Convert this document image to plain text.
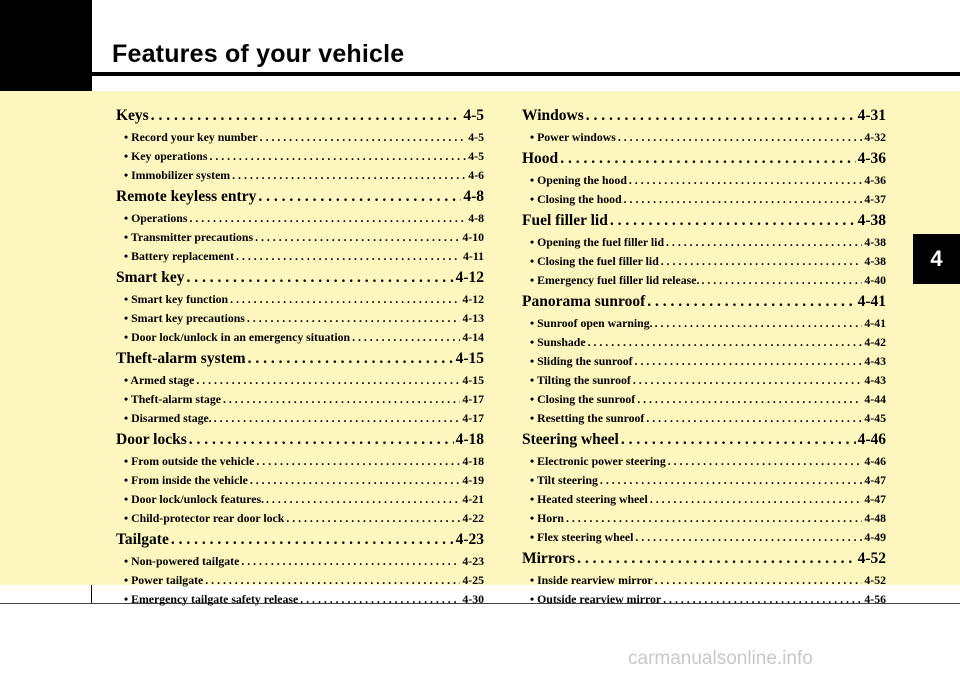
Features of your vehicle
4
Keys . . .	4-5
• Record your key number . . .	4-5
• Key operations . . .	4-5
• Immobilizer system . . .	4-6
Remote keyless entry . . .	4-8
• Operations . . .	4-8
• Transmitter precautions . . .	4-10
• Battery replacement . . .	4-11
Smart key . . .	4-12
• Smart key function . . .	4-12
• Smart key precautions . . .	4-13
• Door lock/unlock in an emergency situation . . .	4-14
Theft-alarm system . . .	4-15
• Armed stage . . .	4-15
• Theft-alarm stage . . .	4-17
• Disarmed stage. . . .	4-17
Door locks . . .	4-18
• From outside the vehicle . . .	4-18
• From inside the vehicle . . .	4-19
• Door lock/unlock features. . . .	4-21
• Child-protector rear door lock . . .	4-22
Tailgate . . .	4-23
• Non-powered tailgate . . .	4-23
• Power tailgate . . .	4-25
• Emergency tailgate safety release . . .	4-30
Windows . . .	4-31
• Power windows . . .	4-32
Hood . . .	4-36
• Opening the hood . . .	4-36
• Closing the hood . . .	4-37
Fuel filler lid . . .	4-38
• Opening the fuel filler lid . . .	4-38
• Closing the fuel filler lid . . .	4-38
• Emergency fuel filler lid release. . . .	4-40
Panorama sunroof . . .	4-41
• Sunroof open warning. . . .	4-41
• Sunshade . . .	4-42
• Sliding the sunroof . . .	4-43
• Tilting the sunroof . . .	4-43
• Closing the sunroof . . .	4-44
• Resetting the sunroof . . .	4-45
Steering wheel . . .	4-46
• Electronic power steering . . .	4-46
• Tilt steering . . .	4-47
• Heated steering wheel . . .	4-47
• Horn . . .	4-48
• Flex steering wheel . . .	4-49
Mirrors . . .	4-52
• Inside rearview mirror . . .	4-52
• Outside rearview mirror . . .	4-56
carmanualsonline.info
